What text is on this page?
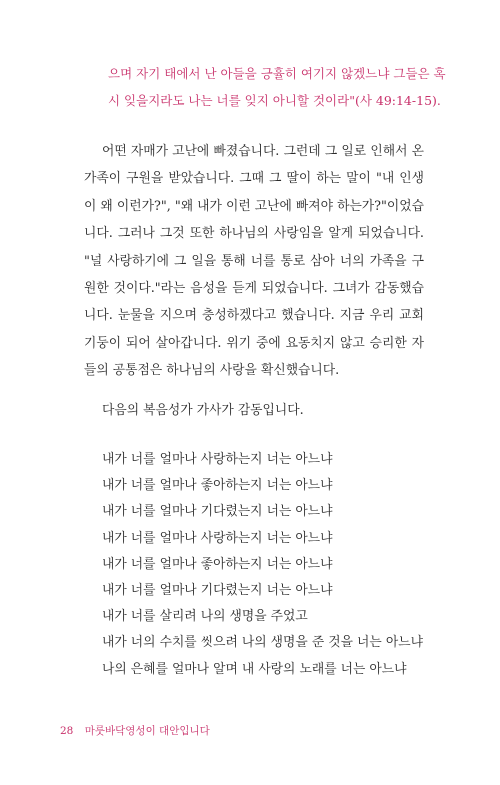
으며 자기 태에서 난 아들을 긍휼히 여기지 않겠느냐 그들은 혹

시 잊을지라도 나는 너를 잊지 아니할 것이라"(사 49:14-15).

어떤 자매가 고난에 빠졌습니다. 그런데 그 일로 인해서 온 가족이 구원을 받았습니다. 그때 그 딸이 하는 말이 "내 인생이 왜 이런가?", "왜 내가 이런 고난에 빠져야 하는가?"이었습니다. 그러나 그것 또한 하나님의 사랑임을 알게 되었습니다. "널 사랑하기에 그 일을 통해 너를 통로 삼아 너의 가족을 구원한 것이다."라는 음성을 듣게 되었습니다. 그녀가 감동했습니다. 눈물을 지으며 충성하겠다고 했습니다. 지금 우리 교회 기둥이 되어 살아갑니다. 위기 중에 요동치지 않고 승리한 자들의 공통점은 하나님의 사랑을 확신했습니다.

다음의 복음성가 가사가 감동입니다.

내가 너를 얼마나 사랑하는지 너는 아느냐
내가 너를 얼마나 좋아하는지 너는 아느냐
내가 너를 얼마나 기다렸는지 너는 아느냐
내가 너를 얼마나 사랑하는지 너는 아느냐
내가 너를 얼마나 좋아하는지 너는 아느냐
내가 너를 얼마나 기다렸는지 너는 아느냐
내가 너를 살리려 나의 생명을 주었고
내가 너의 수치를 씻으려 나의 생명을 준 것을 너는 아느냐
나의 은혜를 얼마나 알며 내 사랑의 노래를 너는 아느냐
28 마룻바닥영성이 대안입니다
